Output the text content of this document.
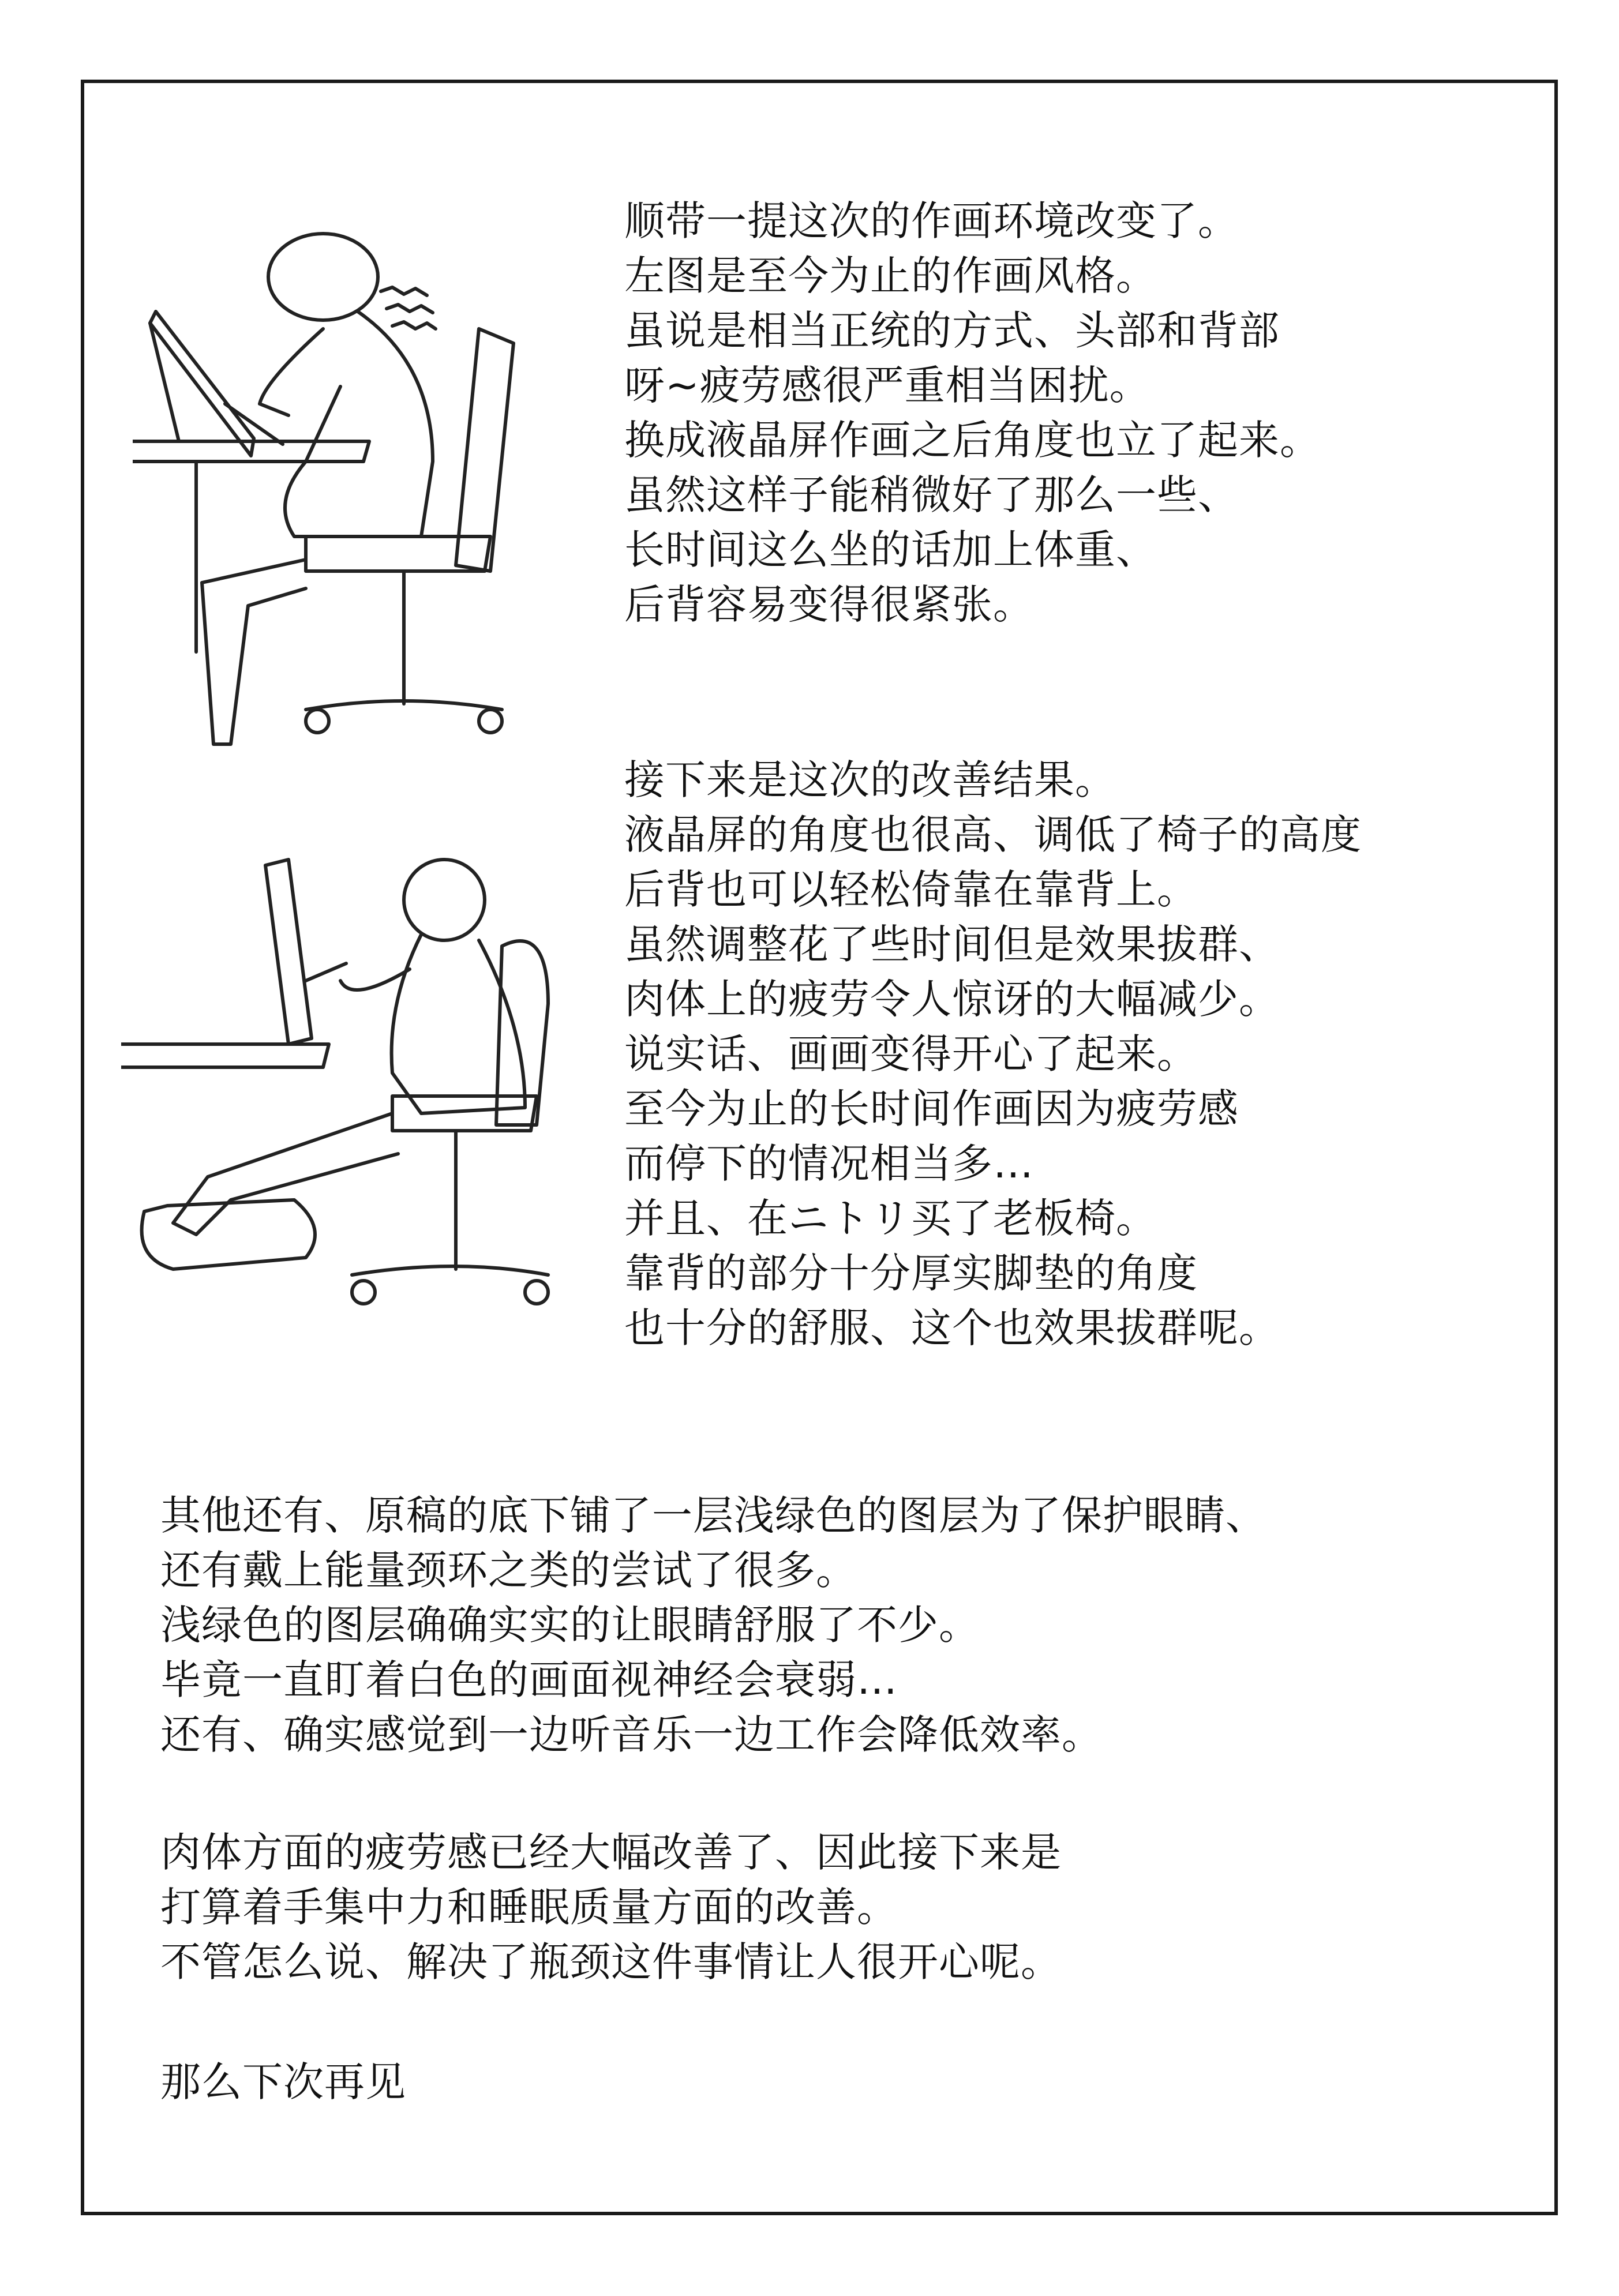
顺带一提这次的作画环境改变了。
左图是至今为止的作画风格。
虽说是相当正统的方式、头部和背部
呀~疲劳感很严重相当困扰。
换成液晶屏作画之后角度也立了起来。
虽然这样子能稍微好了那么一些、
长时间这么坐的话加上体重、
后背容易变得很紧张。
接下来是这次的改善结果。
液晶屏的角度也很高、调低了椅子的高度
后背也可以轻松倚靠在靠背上。
虽然调整花了些时间但是效果拔群、
肉体上的疲劳令人惊讶的大幅减少。
说实话、画画变得开心了起来。
至今为止的长时间作画因为疲劳感
而停下的情况相当多…
并且、在ニトリ买了老板椅。
靠背的部分十分厚实脚垫的角度
也十分的舒服、这个也效果拔群呢。
其他还有、原稿的底下铺了一层浅绿色的图层为了保护眼睛、
还有戴上能量颈环之类的尝试了很多。
浅绿色的图层确确实实的让眼睛舒服了不少。
毕竟一直盯着白色的画面视神经会衰弱…
还有、确实感觉到一边听音乐一边工作会降低效率。
肉体方面的疲劳感已经大幅改善了、因此接下来是
打算着手集中力和睡眠质量方面的改善。
不管怎么说、解决了瓶颈这件事情让人很开心呢。
那么下次再见
